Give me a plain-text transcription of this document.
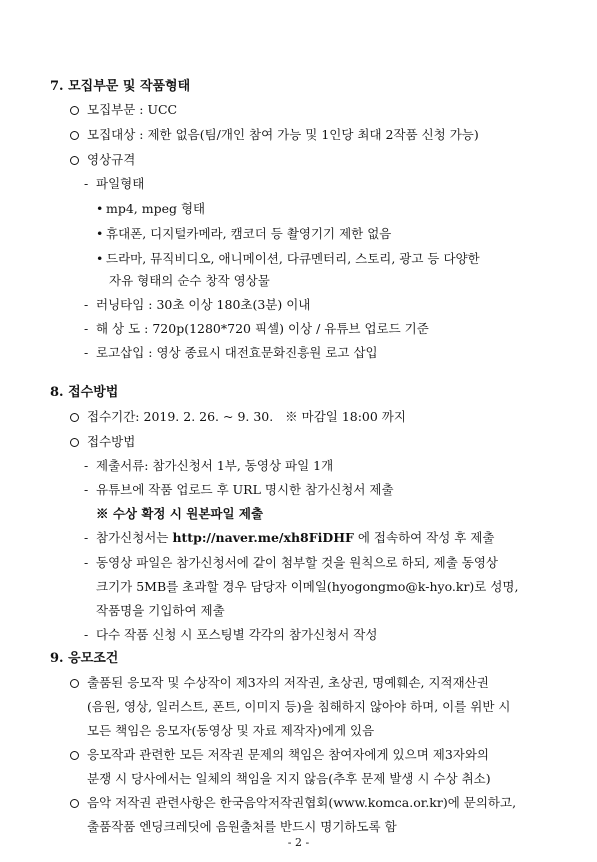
7. 모집부문 및 작품형태
모집부문 : UCC
모집대상 : 제한 없음(팀/개인 참여 가능 및 1인당 최대 2작품 신청 가능)
영상규격
- 파일형태
• mp4, mpeg 형태
• 휴대폰, 디지털카메라, 캠코더 등 촬영기기 제한 없음
• 드라마, 뮤직비디오, 애니메이션, 다큐멘터리, 스토리, 광고 등 다양한
자유 형태의 순수 창작 영상물
- 러닝타임 : 30초 이상 180초(3분) 이내
- 해 상 도 : 720p(1280*720 픽셀) 이상 / 유튜브 업로드 기준
- 로고삽입 : 영상 종료시 대전효문화진흥원 로고 삽입
8. 접수방법
접수기간: 2019. 2. 26. ~ 9. 30.   ※ 마감일 18:00 까지
접수방법
- 제출서류: 참가신청서 1부, 동영상 파일 1개
- 유튜브에 작품 업로드 후 URL 명시한 참가신청서 제출
※ 수상 확정 시 원본파일 제출
- 참가신청서는 http://naver.me/xh8FiDHF 에 접속하여 작성 후 제출
- 동영상 파일은 참가신청서에 같이 첨부할 것을 원칙으로 하되, 제출 동영상
크기가 5MB를 초과할 경우 담당자 이메일(hyogongmo@k-hyo.kr)로 성명,
작품명을 기입하여 제출
- 다수 작품 신청 시 포스팅별 각각의 참가신청서 작성
9. 응모조건
출품된 응모작 및 수상작이 제3자의 저작권, 초상권, 명예훼손, 지적재산권
(음원, 영상, 일러스트, 폰트, 이미지 등)을 침해하지 않아야 하며, 이를 위반 시
모든 책임은 응모자(동영상 및 자료 제작자)에게 있음
응모작과 관련한 모든 저작권 문제의 책임은 참여자에게 있으며 제3자와의
분쟁 시 당사에서는 일체의 책임을 지지 않음(추후 문제 발생 시 수상 취소)
음악 저작권 관련사항은 한국음악저작권협회(www.komca.or.kr)에 문의하고,
출품작품 엔딩크레딧에 음원출처를 반드시 명기하도록 함
- 2 -
